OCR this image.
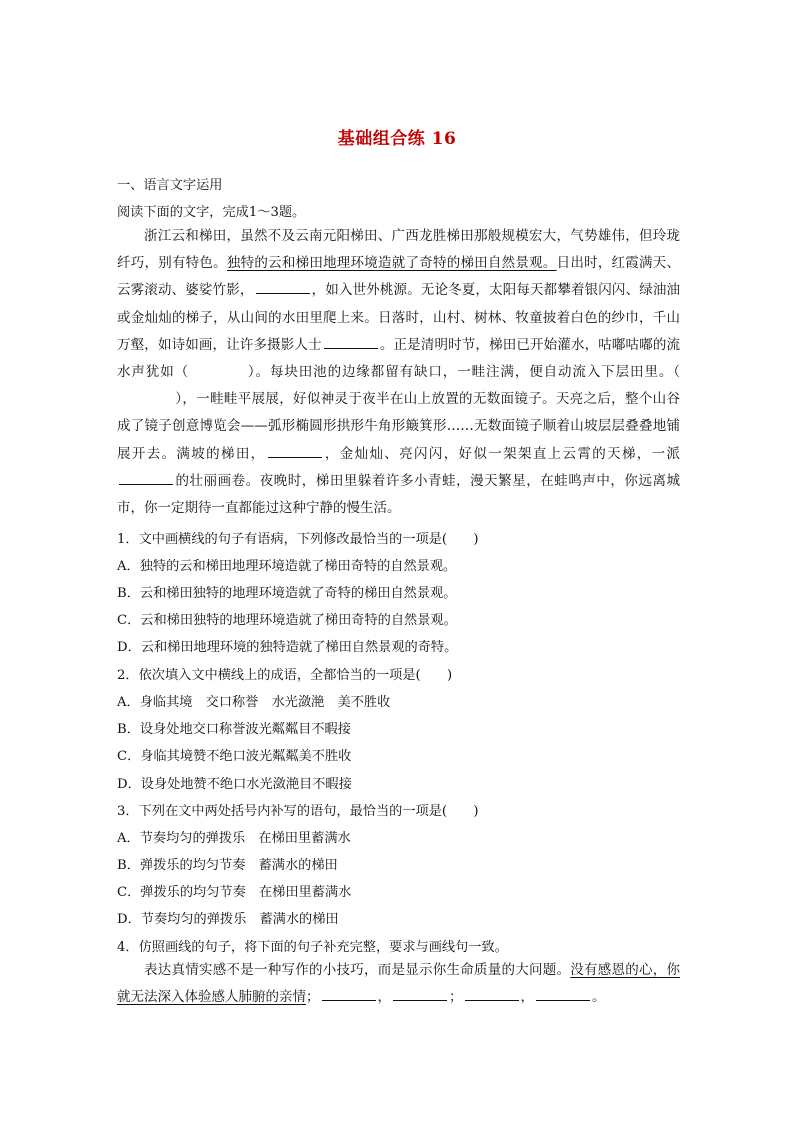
基础组合练 16
一、语言文字运用
阅读下面的文字，完成1～3题。

浙江云和梯田，虽然不及云南元阳梯田、广西龙胜梯田那般规模宏大，气势雄伟，但玲珑纤巧，别有特色。独特的云和梯田地理环境造就了奇特的梯田自然景观。日出时，红霞满天、云雾滚动、婆娑竹影，	，如入世外桃源。无论冬夏，太阳每天都攀着银闪闪、绿油油或金灿灿的梯子，从山间的水田里爬上来。日落时，山村、树林、牧童披着白色的纱巾，千山万壑，如诗如画，让许多摄影人士	。正是清明时节，梯田已开始灌水，咕嘟咕嘟的流水声犹如（	）。每块田池的边缘都留有缺口，一畦注满，便自动流入下层田里。（），一畦畦平展展，好似神灵于夜半在山上放置的无数面镜子。天亮之后，整个山谷成了镜子创意博览会——弧形椭圆形拱形牛角形簸箕形……无数面镜子顺着山坡层层叠叠地铺展开去。满坡的梯田，	，金灿灿、亮闪闪，好似一架架直上云霄的天梯，一派的壮丽画卷。夜晚时，梯田里躲着许多小青蛙，漫天繁星，在蛙鸣声中，你远离城市，你一定期待一直都能过这种宁静的慢生活。

1．文中画横线的句子有语病，下列修改最恰当的一项是(　　)
A．独特的云和梯田地理环境造就了梯田奇特的自然景观。
B．云和梯田独特的地理环境造就了奇特的梯田自然景观。
C．云和梯田独特的地理环境造就了梯田奇特的自然景观。
D．云和梯田地理环境的独特造就了梯田自然景观的奇特。
2．依次填入文中横线上的成语，全都恰当的一项是(　　)
A．身临其境　交口称誉　水光潋滟　美不胜收
B．设身处地交口称誉波光粼粼目不暇接
C．身临其境赞不绝口波光粼粼美不胜收
D．设身处地赞不绝口水光潋滟目不暇接
3．下列在文中两处括号内补写的语句，最恰当的一项是(　　)
A．节奏均匀的弹拨乐　在梯田里蓄满水
B．弹拨乐的均匀节奏　蓄满水的梯田
C．弹拨乐的均匀节奏　在梯田里蓄满水
D．节奏均匀的弹拨乐　蓄满水的梯田
4．仿照画线的句子，将下面的句子补充完整，要求与画线句一致。

表达真情实感不是一种写作的小技巧，而是显示你生命质量的大问题。没有感恩的心，你就无法深入体验感人肺腑的亲情；	，	；	，	。
